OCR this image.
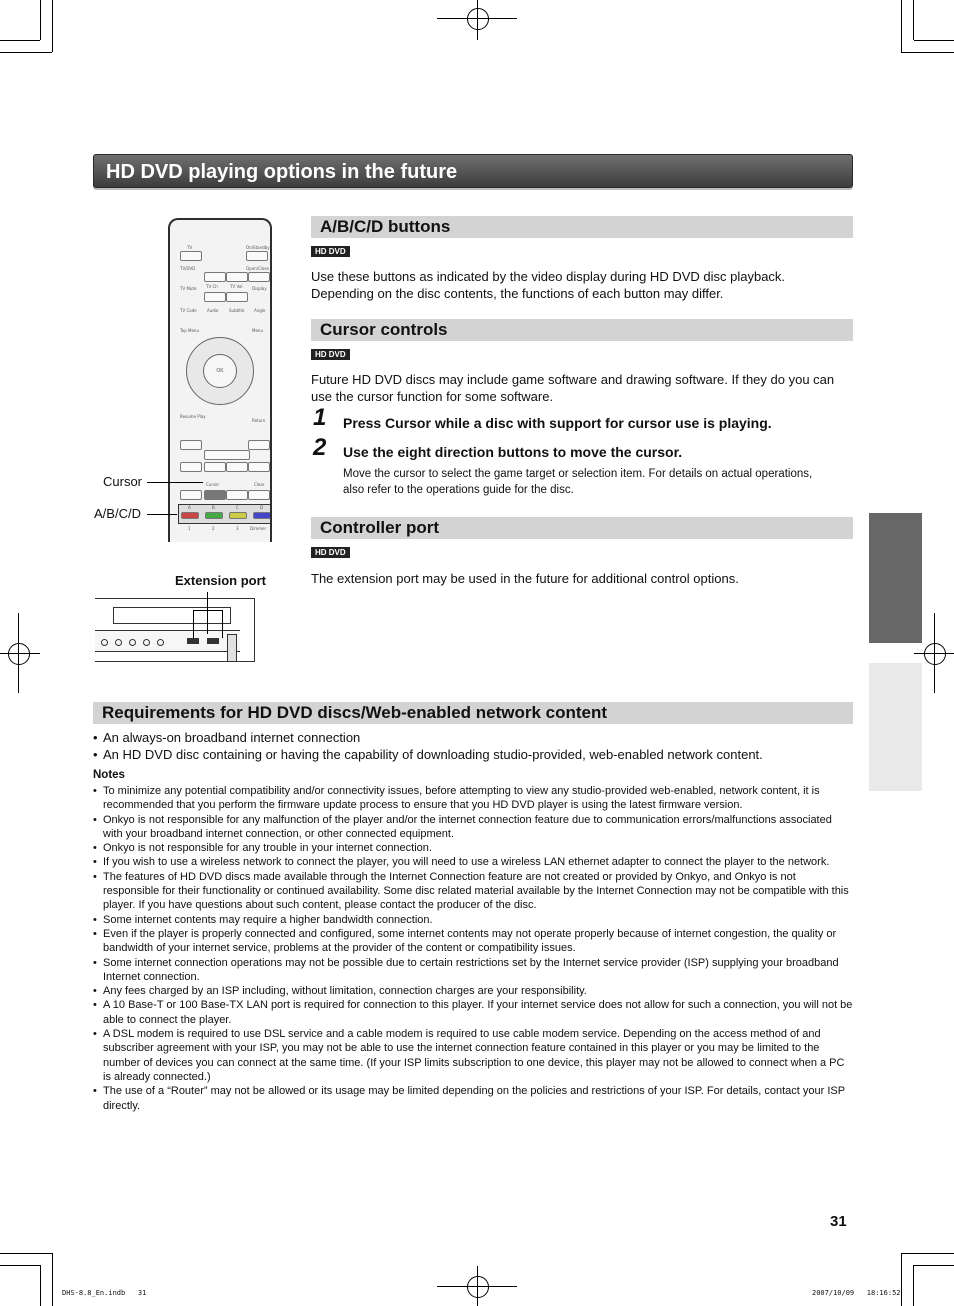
HD DVD playing options in the future
TV	On/Standby
TV/DVD	Open/Close
TV Mute TV Ch	TV Vol Display
TV Code	Audio	Subtitle Angle
Top Menu	Menu
OK
Resume Play
Return
Cursor	Clear
A	B	C	D
1	2	3	Dimmer
Cursor
A/B/C/D
Extension port
A/B/C/D buttons
HD DVD
Use these buttons as indicated by the video display during HD DVD disc playback. Depending on the disc contents, the functions of each button may differ.
Cursor controls
HD DVD
Future HD DVD discs may include game software and drawing software. If they do you can use the cursor function for some software.
1 Press Cursor while a disc with support for cursor use is playing.
2 Use the eight direction buttons to move the cursor.
Move the cursor to select the game target or selection item. For details on actual operations, also refer to the operations guide for the disc.
Controller port
HD DVD
The extension port may be used in the future for additional control options.
Requirements for HD DVD discs/Web-enabled network content
• An always-on broadband internet connection
• An HD DVD disc containing or having the capability of downloading studio-provided, web-enabled network content.
Notes
• To minimize any potential compatibility and/or connectivity issues, before attempting to view any studio-provided web-enabled, network content, it is recommended that you perform the firmware update process to ensure that you HD DVD player is using the latest firmware version.
• Onkyo is not responsible for any malfunction of the player and/or the internet connection feature due to communication errors/malfunctions associated with your broadband internet connection, or other connected equipment.
• Onkyo is not responsible for any trouble in your internet connection.
• If you wish to use a wireless network to connect the player, you will need to use a wireless LAN ethernet adapter to connect the player to the network.
• The features of HD DVD discs made available through the Internet Connection feature are not created or provided by Onkyo, and Onkyo is not responsible for their functionality or continued availability. Some disc related material available by the Internet Connection may not be compatible with this player. If you have questions about such content, please contact the producer of the disc.
• Some internet contents may require a higher bandwidth connection.
• Even if the player is properly connected and configured, some internet contents may not operate properly because of internet congestion, the quality or bandwidth of your internet service, problems at the provider of the content or compatibility issues.
• Some internet connection operations may not be possible due to certain restrictions set by the Internet service provider (ISP) supplying your broadband Internet connection.
• Any fees charged by an ISP including, without limitation, connection charges are your responsibility.
• A 10 Base-T or 100 Base-TX LAN port is required for connection to this player. If your internet service does not allow for such a connection, you will not be able to connect the player.
• A DSL modem is required to use DSL service and a cable modem is required to use cable modem service. Depending on the access method of and subscriber agreement with your ISP, you may not be able to use the internet connection feature contained in this player or you may be limited to the number of devices you can connect at the same time. (If your ISP limits subscription to one device, this player may not be allowed to connect when a PC is already connected.)
• The use of a “Router” may not be allowed or its usage may be limited depending on the policies and restrictions of your ISP. For details, contact your ISP directly.
31
DHS-8.8_En.indb   31	2007/10/09   18:16:52
